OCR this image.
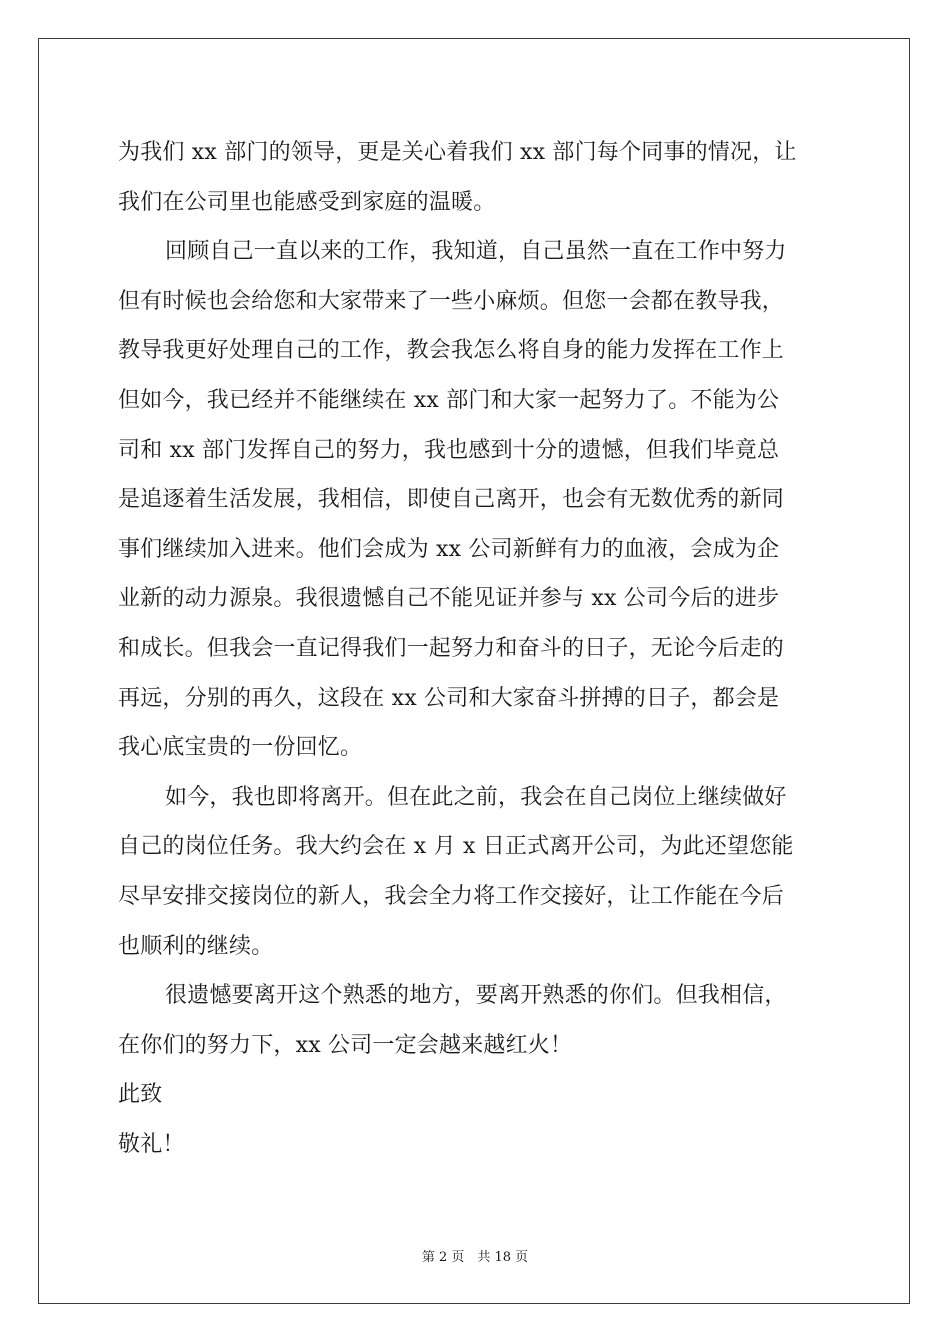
为我们 xx 部门的领导，更是关心着我们 xx 部门每个同事的情况，让
我们在公司里也能感受到家庭的温暖。
回顾自己一直以来的工作，我知道，自己虽然一直在工作中努力
但有时候也会给您和大家带来了一些小麻烦。但您一会都在教导我，
教导我更好处理自己的工作，教会我怎么将自身的能力发挥在工作上
但如今，我已经并不能继续在 xx 部门和大家一起努力了。不能为公
司和 xx 部门发挥自己的努力，我也感到十分的遗憾，但我们毕竟总
是追逐着生活发展，我相信，即使自己离开，也会有无数优秀的新同
事们继续加入进来。他们会成为 xx 公司新鲜有力的血液，会成为企
业新的动力源泉。我很遗憾自己不能见证并参与 xx 公司今后的进步
和成长。但我会一直记得我们一起努力和奋斗的日子，无论今后走的
再远，分别的再久，这段在 xx 公司和大家奋斗拼搏的日子，都会是
我心底宝贵的一份回忆。
如今，我也即将离开。但在此之前，我会在自己岗位上继续做好
自己的岗位任务。我大约会在 x 月 x 日正式离开公司，为此还望您能
尽早安排交接岗位的新人，我会全力将工作交接好，让工作能在今后
也顺利的继续。
很遗憾要离开这个熟悉的地方，要离开熟悉的你们。但我相信，
在你们的努力下，xx 公司一定会越来越红火！
此致
敬礼！
第 2 页　共 18 页
